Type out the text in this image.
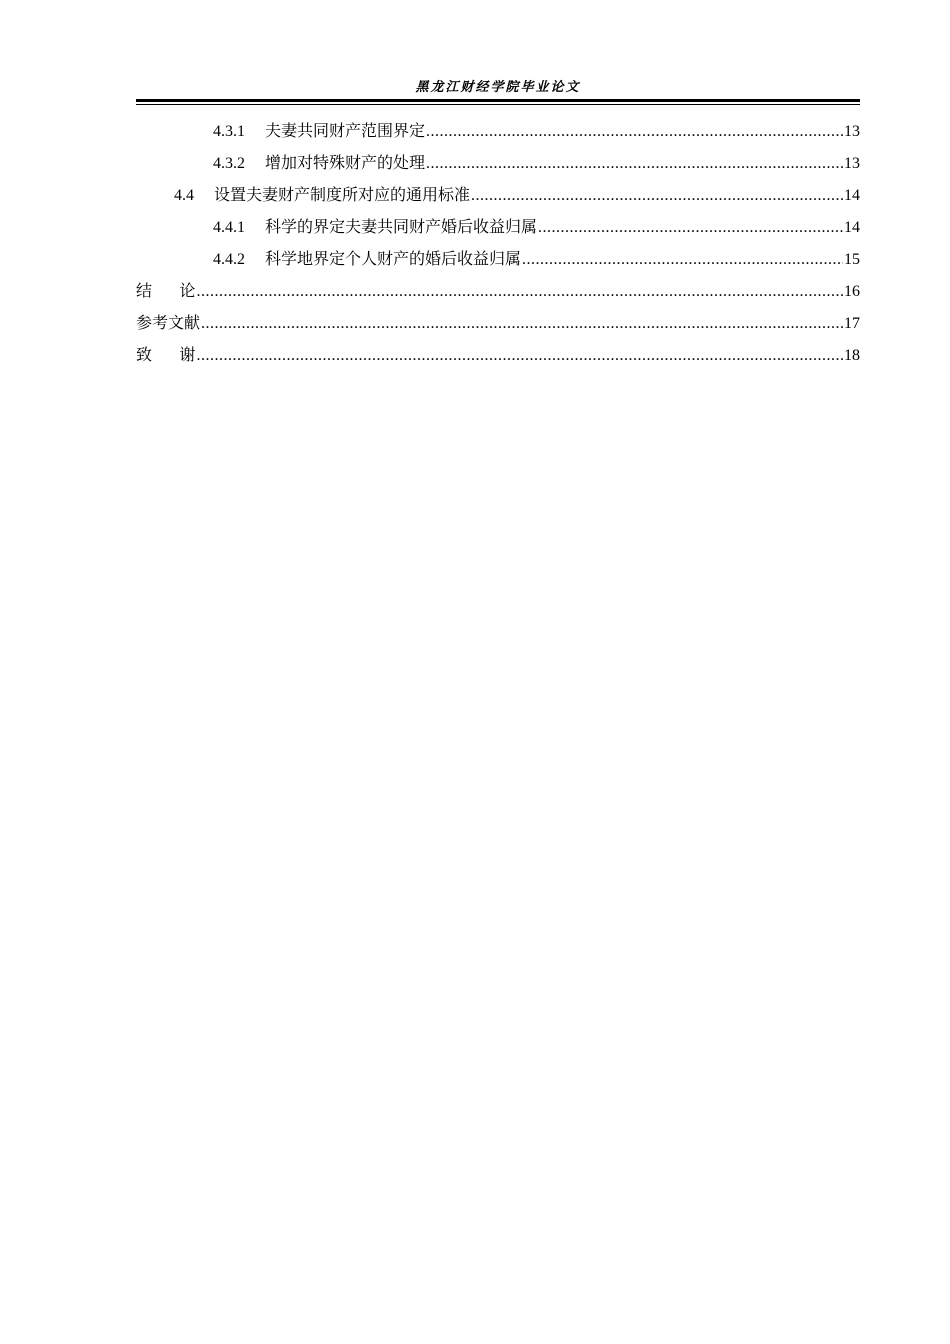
黑龙江财经学院毕业论文
4.3.1 夫妻共同财产范围界定 .....	13
4.3.2 增加对特殊财产的处理 .....	13
4.4 设置夫妻财产制度所对应的通用标准 .....	14
4.4.1 科学的界定夫妻共同财产婚后收益归属 .....	14
4.4.2 科学地界定个人财产的婚后收益归属 .....	15
结 论 .....	16
参考文献 .....	17
致 谢 .....	18
